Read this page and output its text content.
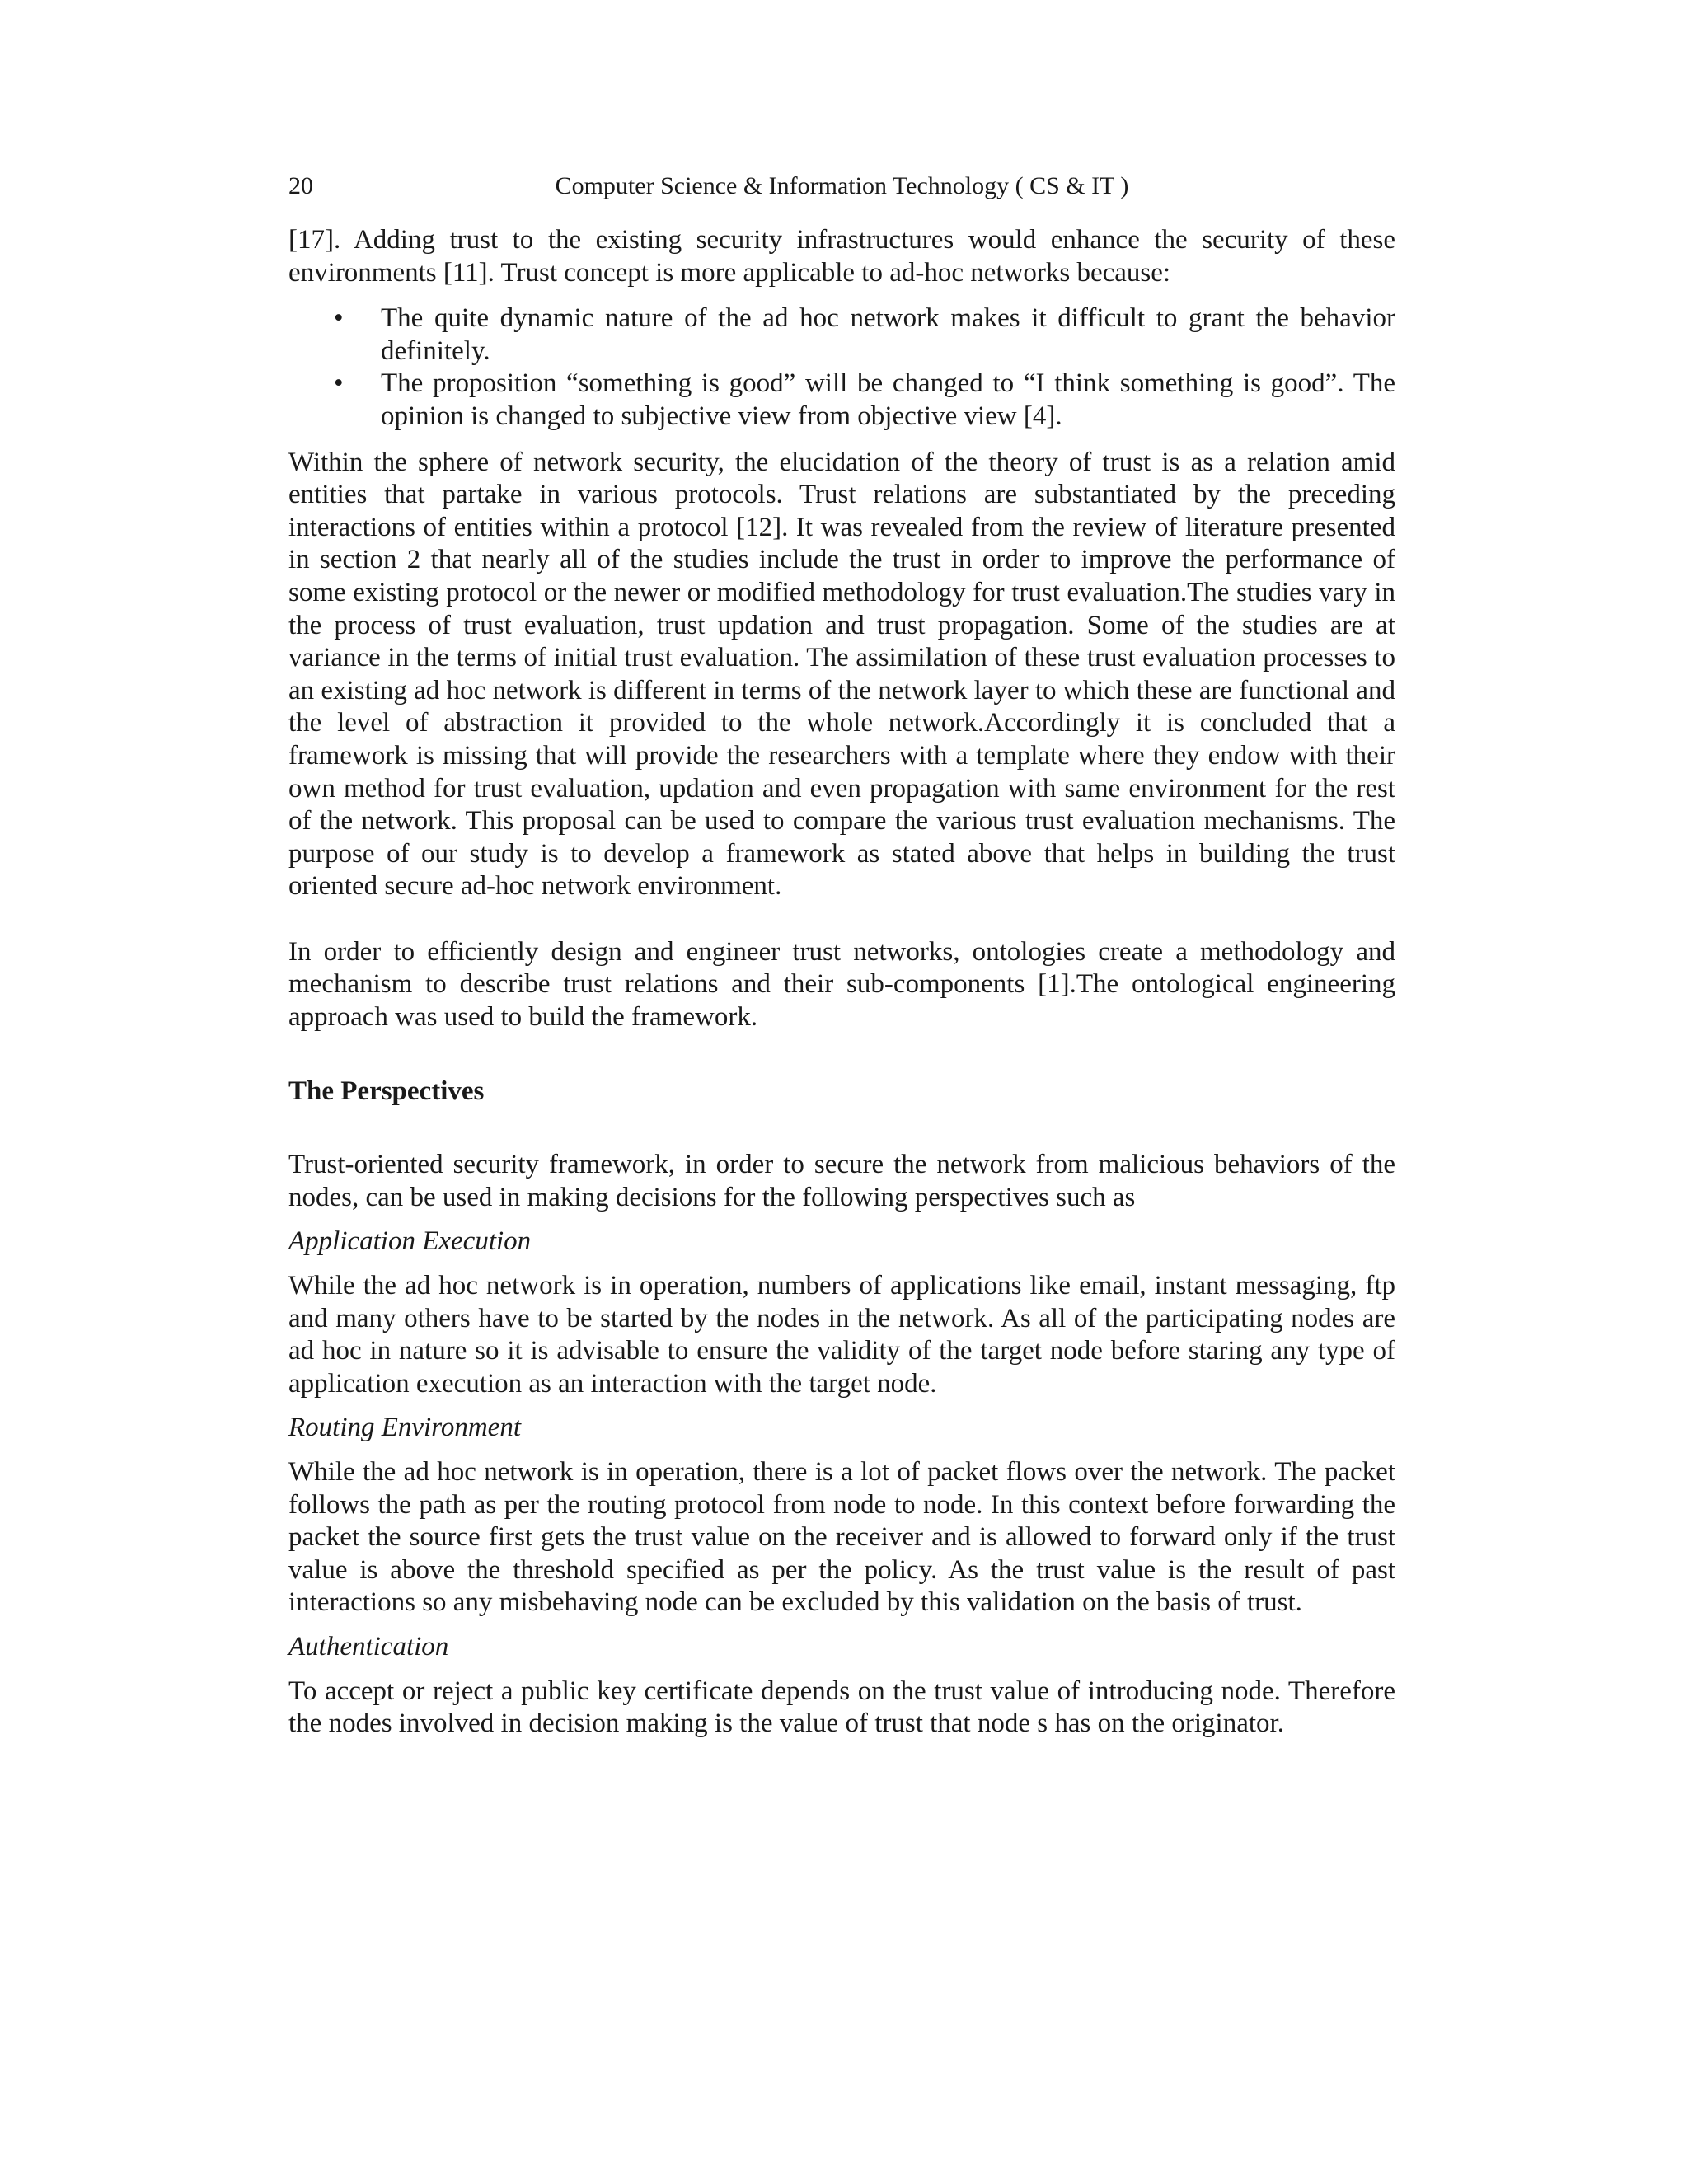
20	Computer Science & Information Technology ( CS & IT )

[17]. Adding trust to the existing security infrastructures would enhance the security of these environments [11]. Trust concept is more applicable to ad-hoc networks because:

• The quite dynamic nature of the ad hoc network makes it difficult to grant the behavior definitely.
• The proposition “something is good” will be changed to “I think something is good”. The opinion is changed to subjective view from objective view [4].

Within the sphere of network security, the elucidation of the theory of trust is as a relation amid entities that partake in various protocols. Trust relations are substantiated by the preceding interactions of entities within a protocol [12]. It was revealed from the review of literature presented in section 2 that nearly all of the studies include the trust in order to improve the performance of some existing protocol or the newer or modified methodology for trust evaluation.The studies vary in the process of trust evaluation, trust updation and trust propagation. Some of the studies are at variance in the terms of initial trust evaluation. The assimilation of these trust evaluation processes to an existing ad hoc network is different in terms of the network layer to which these are functional and the level of abstraction it provided to the whole network.Accordingly it is concluded that a framework is missing that will provide the researchers with a template where they endow with their own method for trust evaluation, updation and even propagation with same environment for the rest of the network. This proposal can be used to compare the various trust evaluation mechanisms. The purpose of our study is to develop a framework as stated above that helps in building the trust oriented secure ad-hoc network environment.

In order to efficiently design and engineer trust networks, ontologies create a methodology and mechanism to describe trust relations and their sub-components [1].The ontological engineering approach was used to build the framework.

The Perspectives

Trust-oriented security framework, in order to secure the network from malicious behaviors of the nodes, can be used in making decisions for the following perspectives such as

Application Execution

While the ad hoc network is in operation, numbers of applications like email, instant messaging, ftp and many others have to be started by the nodes in the network. As all of the participating nodes are ad hoc in nature so it is advisable to ensure the validity of the target node before staring any type of application execution as an interaction with the target node.

Routing Environment

While the ad hoc network is in operation, there is a lot of packet flows over the network. The packet follows the path as per the routing protocol from node to node. In this context before forwarding the packet the source first gets the trust value on the receiver and is allowed to forward only if the trust value is above the threshold specified as per the policy. As the trust value is the result of past interactions so any misbehaving node can be excluded by this validation on the basis of trust.

Authentication

To accept or reject a public key certificate depends on the trust value of introducing node. Therefore the nodes involved in decision making is the value of trust that node s has on the originator.
